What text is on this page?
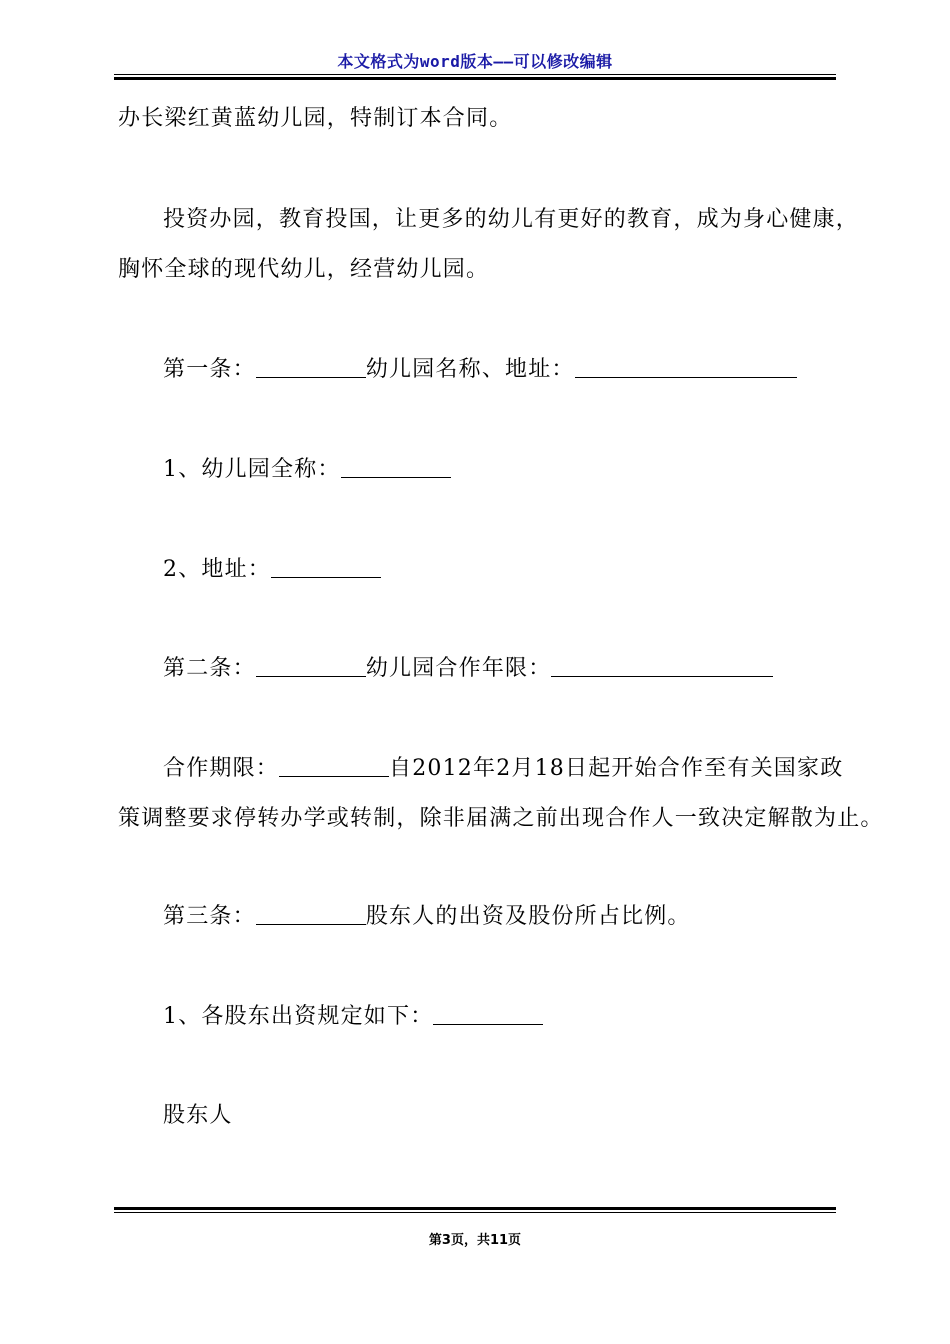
本文格式为word版本——可以修改编辑
办长梁红黄蓝幼儿园，特制订本合同。
投资办园，教育投国，让更多的幼儿有更好的教育，成为身心健康，
胸怀全球的现代幼儿，经营幼儿园。
第一条：	幼儿园名称、地址：
1、幼儿园全称：
2、地址：
第二条：	幼儿园合作年限：
合作期限：	自2012年2月18日起开始合作至有关国家政
策调整要求停转办学或转制，除非届满之前出现合作人一致决定解散为止。
第三条：	股东人的出资及股份所占比例。
1、各股东出资规定如下：
股东人
第3页，共11页
